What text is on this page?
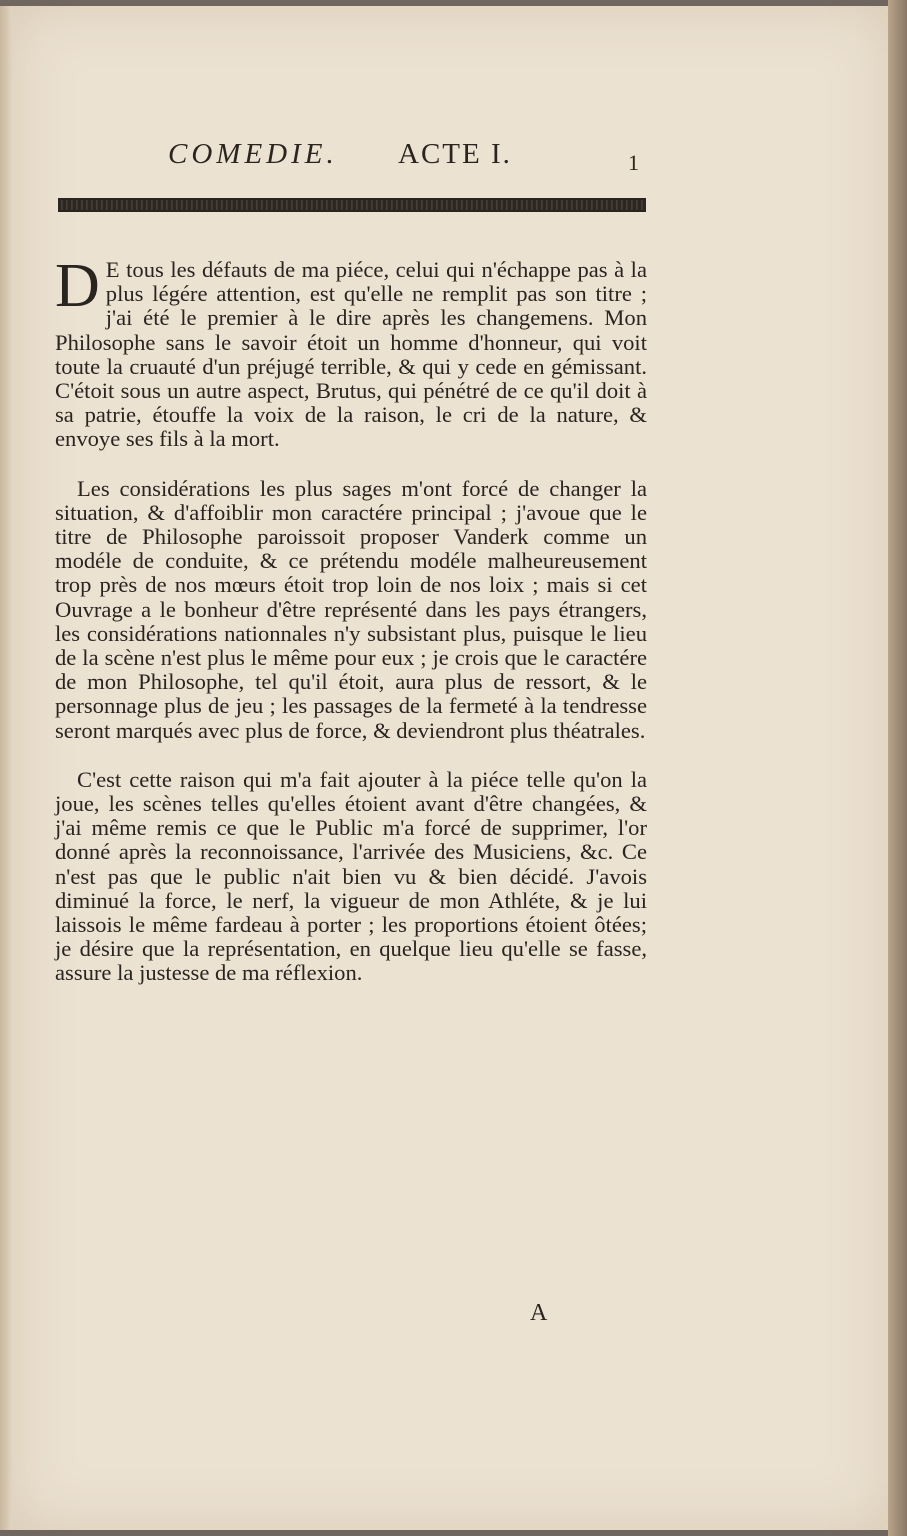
COMEDIE. ACTE I.	1

D E tous les défauts de ma piéce, celui qui n'échappe pas à la plus légére attention, est qu'elle ne remplit pas son titre ; j'ai été le premier à le dire après les changemens. Mon Philosophe sans le savoir étoit un homme d'honneur, qui voit toute la cruauté d'un préjugé terrible, & qui y cede en gémissant. C'étoit sous un autre aspect, Brutus, qui pénétré de ce qu'il doit à sa patrie, étouffe la voix de la raison, le cri de la nature, & envoye ses fils à la mort.

Les considérations les plus sages m'ont forcé de changer la situation, & d'affoiblir mon caractére principal ; j'avoue que le titre de Philosophe paroissoit proposer Vanderk comme un modéle de conduite, & ce prétendu modéle malheureusement trop près de nos mœurs étoit trop loin de nos loix ; mais si cet Ouvrage a le bonheur d'être représenté dans les pays étrangers, les considérations nationnales n'y subsistant plus, puisque le lieu de la scène n'est plus le même pour eux ; je crois que le caractére de mon Philosophe, tel qu'il étoit, aura plus de ressort, & le personnage plus de jeu ; les passages de la fermeté à la tendresse seront marqués avec plus de force, & deviendront plus théatrales.

C'est cette raison qui m'a fait ajouter à la piéce telle qu'on la joue, les scènes telles qu'elles étoient avant d'être changées, & j'ai même remis ce que le Public m'a forcé de supprimer, l'or donné après la reconnoissance, l'arrivée des Musiciens, &c. Ce n'est pas que le public n'ait bien vu & bien décidé. J'avois diminué la force, le nerf, la vigueur de mon Athléte, & je lui laissois le même fardeau à porter ; les proportions étoient ôtées; je désire que la représentation, en quelque lieu qu'elle se fasse, assure la justesse de ma réflexion.

A
